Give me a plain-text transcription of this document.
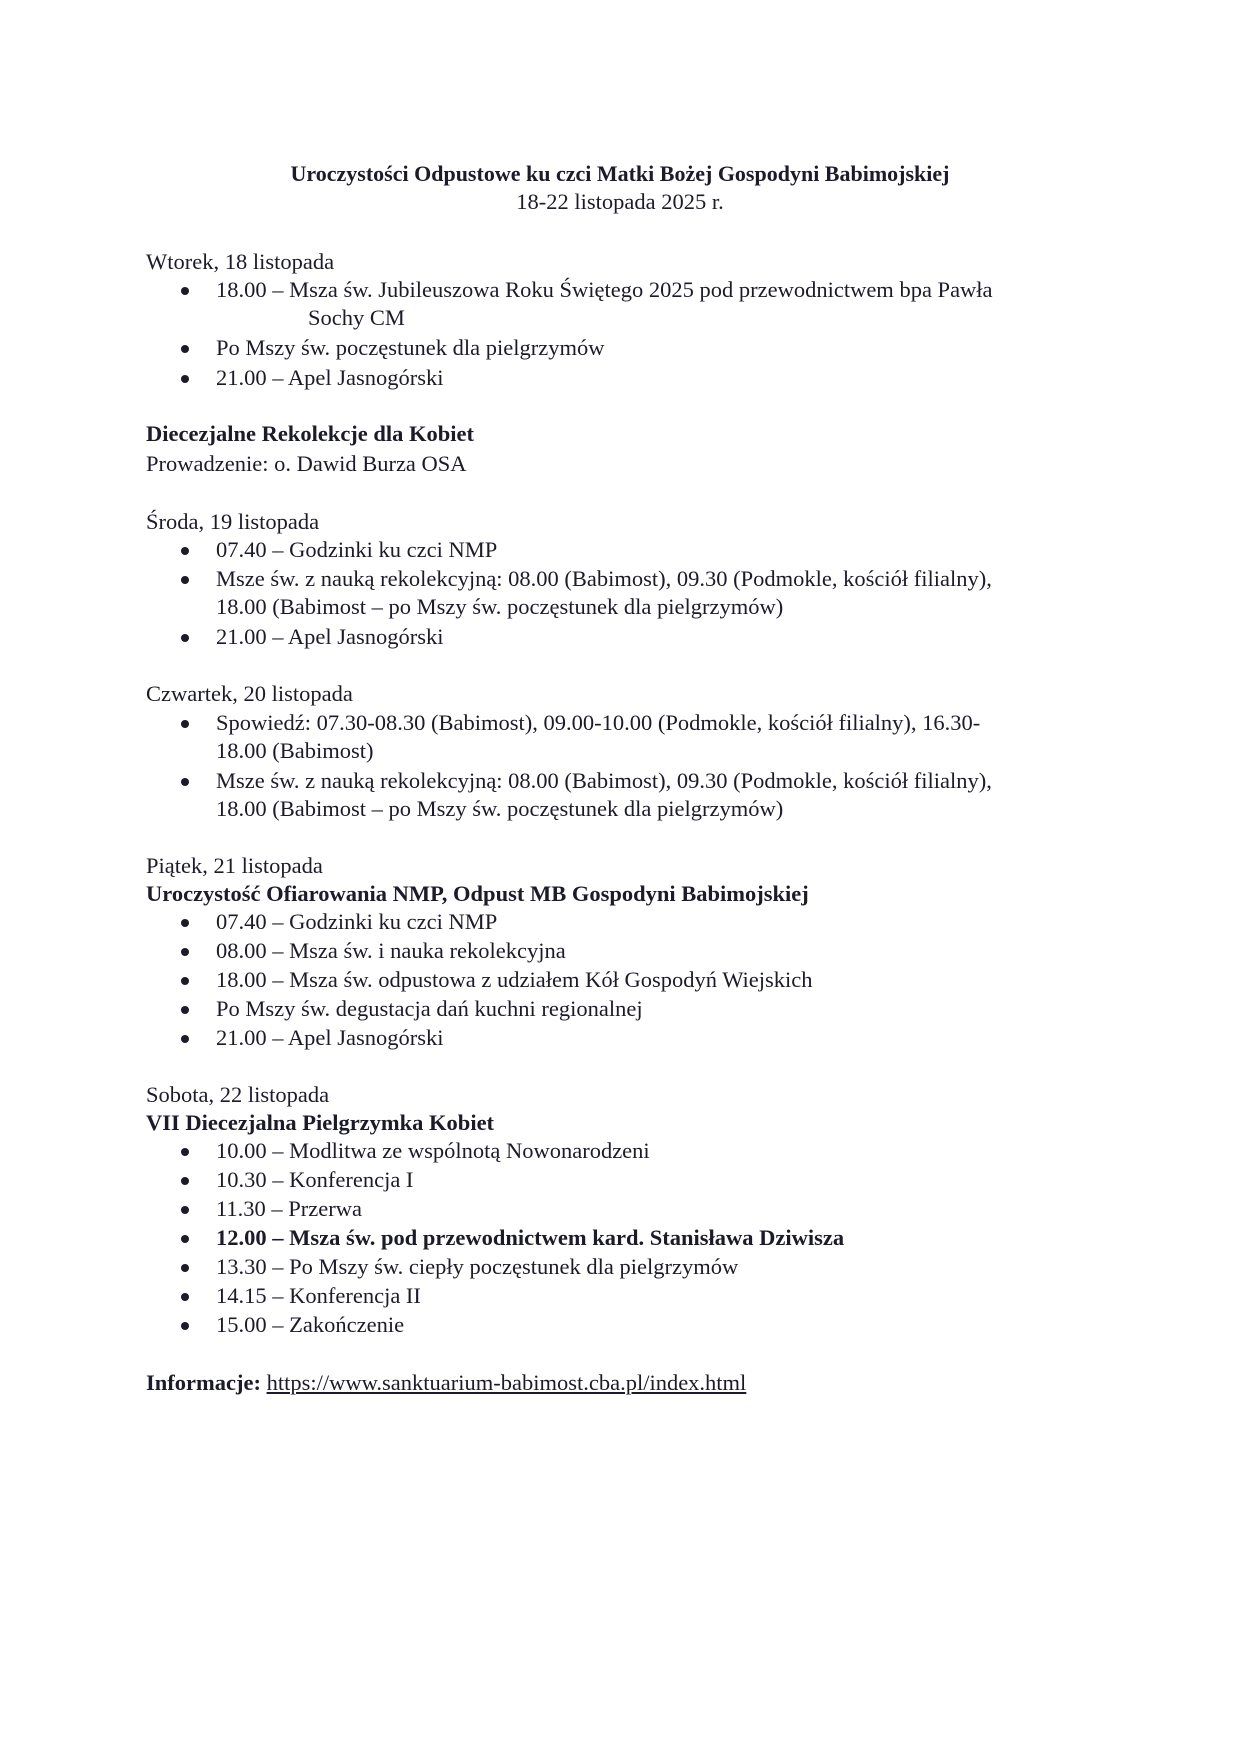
Uroczystości Odpustowe ku czci Matki Bożej Gospodyni Babimojskiej
18-22 listopada 2025 r.
Wtorek, 18 listopada
18.00 – Msza św. Jubileuszowa Roku Świętego 2025 pod przewodnictwem bpa Pawła
Sochy CM
Po Mszy św. poczęstunek dla pielgrzymów
21.00 – Apel Jasnogórski
Diecezjalne Rekolekcje dla Kobiet
Prowadzenie: o. Dawid Burza OSA
Środa, 19 listopada
07.40 – Godzinki ku czci NMP
Msze św. z nauką rekolekcyjną: 08.00 (Babimost), 09.30 (Podmokle, kościół filialny),
18.00 (Babimost – po Mszy św. poczęstunek dla pielgrzymów)
21.00 – Apel Jasnogórski
Czwartek, 20 listopada
Spowiedź: 07.30-08.30 (Babimost), 09.00-10.00 (Podmokle, kościół filialny), 16.30-
18.00 (Babimost)
Msze św. z nauką rekolekcyjną: 08.00 (Babimost), 09.30 (Podmokle, kościół filialny),
18.00 (Babimost – po Mszy św. poczęstunek dla pielgrzymów)
Piątek, 21 listopada
Uroczystość Ofiarowania NMP, Odpust MB Gospodyni Babimojskiej
07.40 – Godzinki ku czci NMP
08.00 – Msza św. i nauka rekolekcyjna
18.00 – Msza św. odpustowa z udziałem Kół Gospodyń Wiejskich
Po Mszy św. degustacja dań kuchni regionalnej
21.00 – Apel Jasnogórski
Sobota, 22 listopada
VII Diecezjalna Pielgrzymka Kobiet
10.00 – Modlitwa ze wspólnotą Nowonarodzeni
10.30 – Konferencja I
11.30 – Przerwa
12.00 – Msza św. pod przewodnictwem kard. Stanisława Dziwisza
13.30 – Po Mszy św. ciepły poczęstunek dla pielgrzymów
14.15 – Konferencja II
15.00 – Zakończenie
Informacje: https://www.sanktuarium-babimost.cba.pl/index.html
